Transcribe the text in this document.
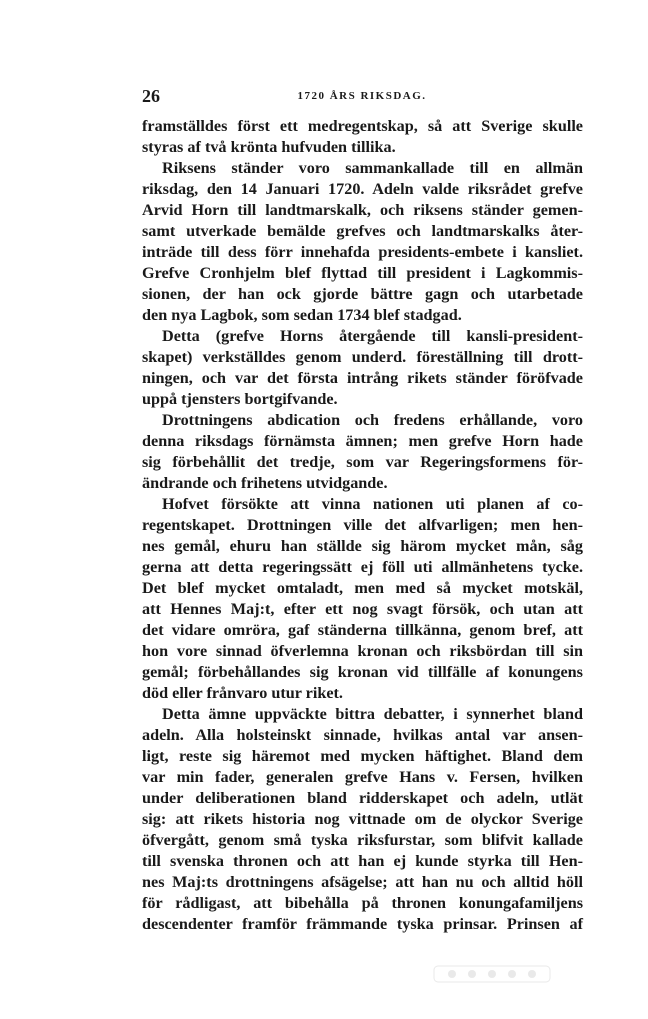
26	1720 ÅRS RIKSDAG.
framställdes först ett medregentskap, så att Sverige skulle
styras af två krönta hufvuden tillika.
Riksens ständer voro sammankallade till en allmän
riksdag, den 14 Januari 1720. Adeln valde riksrådet grefve
Arvid Horn till landtmarskalk, och riksens ständer gemen-
samt utverkade bemälde grefves och landtmarskalks åter-
inträde till dess förr innehafda presidents-embete i kansliet.
Grefve Cronhjelm blef flyttad till president i Lagkommis-
sionen, der han ock gjorde bättre gagn och utarbetade
den nya Lagbok, som sedan 1734 blef stadgad.
Detta (grefve Horns återgående till kansli-president-
skapet) verkställdes genom underd. föreställning till drott-
ningen, och var det första intrång rikets ständer föröfvade
uppå tjensters bortgifvande.
Drottningens abdication och fredens erhållande, voro
denna riksdags förnämsta ämnen; men grefve Horn hade
sig förbehållit det tredje, som var Regeringsformens för-
ändrande och frihetens utvidgande.
Hofvet försökte att vinna nationen uti planen af co-
regentskapet. Drottningen ville det alfvarligen; men hen-
nes gemål, ehuru han ställde sig härom mycket mån, såg
gerna att detta regeringssätt ej föll uti allmänhetens tycke.
Det blef mycket omtaladt, men med så mycket motskäl,
att Hennes Maj:t, efter ett nog svagt försök, och utan att
det vidare omröra, gaf ständerna tillkänna, genom bref, att
hon vore sinnad öfverlemna kronan och riksbördan till sin
gemål; förbehållandes sig kronan vid tillfälle af konungens
död eller frånvaro utur riket.
Detta ämne uppväckte bittra debatter, i synnerhet bland
adeln. Alla holsteinskt sinnade, hvilkas antal var ansen-
ligt, reste sig häremot med mycken häftighet. Bland dem
var min fader, generalen grefve Hans v. Fersen, hvilken
under deliberationen bland ridderskapet och adeln, utlät
sig: att rikets historia nog vittnade om de olyckor Sverige
öfvergått, genom små tyska riksfurstar, som blifvit kallade
till svenska thronen och att han ej kunde styrka till Hen-
nes Maj:ts drottningens afsägelse; att han nu och alltid höll
för rådligast, att bibehålla på thronen konungafamiljens
descendenter framför främmande tyska prinsar. Prinsen af
